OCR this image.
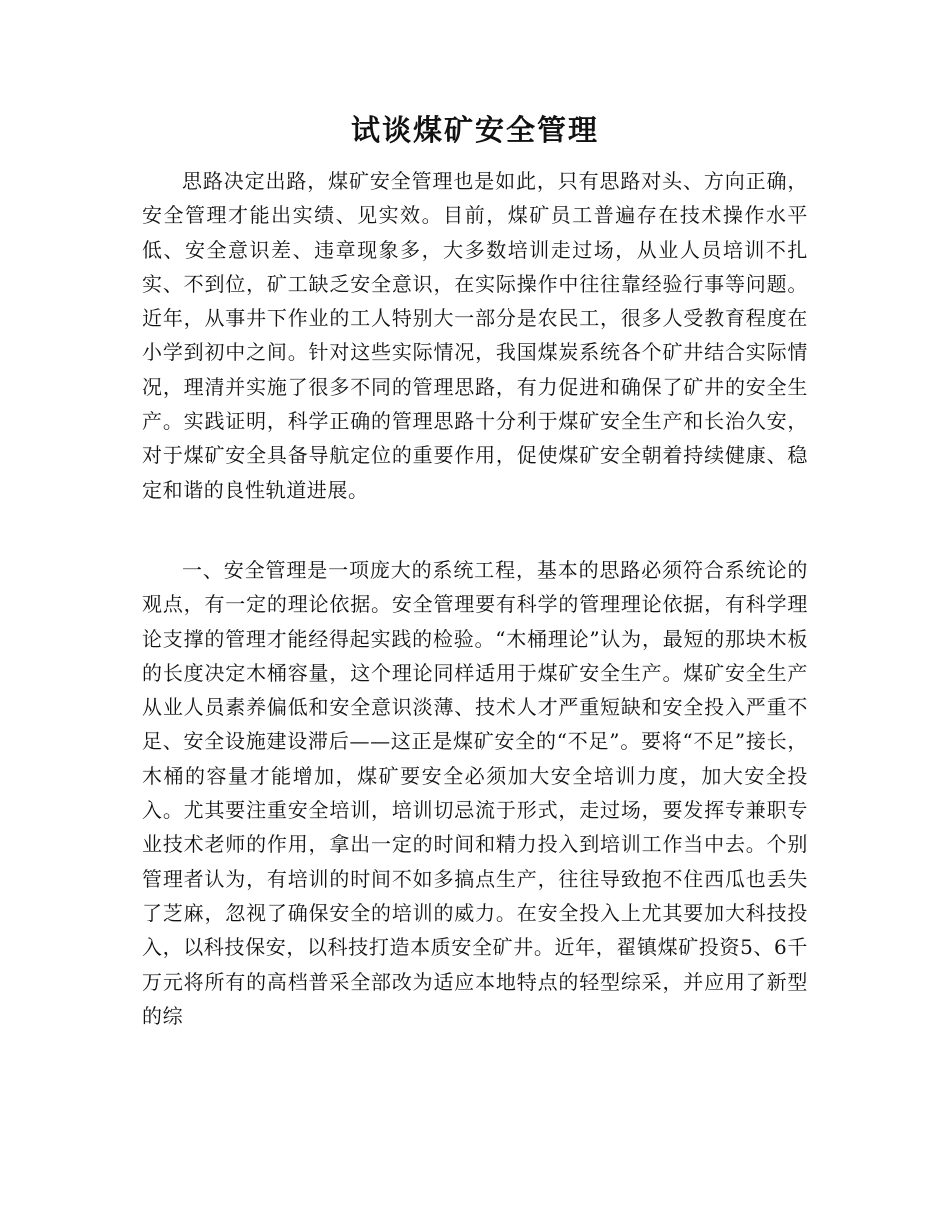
试谈煤矿安全管理

思路决定出路，煤矿安全管理也是如此，只有思路对头、方向正确，安全管理才能出实绩、见实效。目前，煤矿员工普遍存在技术操作水平低、安全意识差、违章现象多，大多数培训走过场，从业人员培训不扎实、不到位，矿工缺乏安全意识，在实际操作中往往靠经验行事等问题。近年，从事井下作业的工人特别大一部分是农民工，很多人受教育程度在小学到初中之间。针对这些实际情况，我国煤炭系统各个矿井结合实际情况，理清并实施了很多不同的管理思路，有力促进和确保了矿井的安全生产。实践证明，科学正确的管理思路十分利于煤矿安全生产和长治久安，对于煤矿安全具备导航定位的重要作用，促使煤矿安全朝着持续健康、稳定和谐的良性轨道进展。

一、安全管理是一项庞大的系统工程，基本的思路必须符合系统论的观点，有一定的理论依据。安全管理要有科学的管理理论依据，有科学理论支撑的管理才能经得起实践的检验。“木桶理论”认为，最短的那块木板的长度决定木桶容量，这个理论同样适用于煤矿安全生产。煤矿安全生产从业人员素养偏低和安全意识淡薄、技术人才严重短缺和安全投入严重不足、安全设施建设滞后——这正是煤矿安全的“不足”。要将“不足”接长，木桶的容量才能增加，煤矿要安全必须加大安全培训力度，加大安全投入。尤其要注重安全培训，培训切忌流于形式，走过场，要发挥专兼职专业技术老师的作用，拿出一定的时间和精力投入到培训工作当中去。个别管理者认为，有培训的时间不如多搞点生产，往往导致抱不住西瓜也丢失了芝麻，忽视了确保安全的培训的威力。在安全投入上尤其要加大科技投入，以科技保安，以科技打造本质安全矿井。近年，翟镇煤矿投资5、6千万元将所有的高档普采全部改为适应本地特点的轻型综采，并应用了新型的综
